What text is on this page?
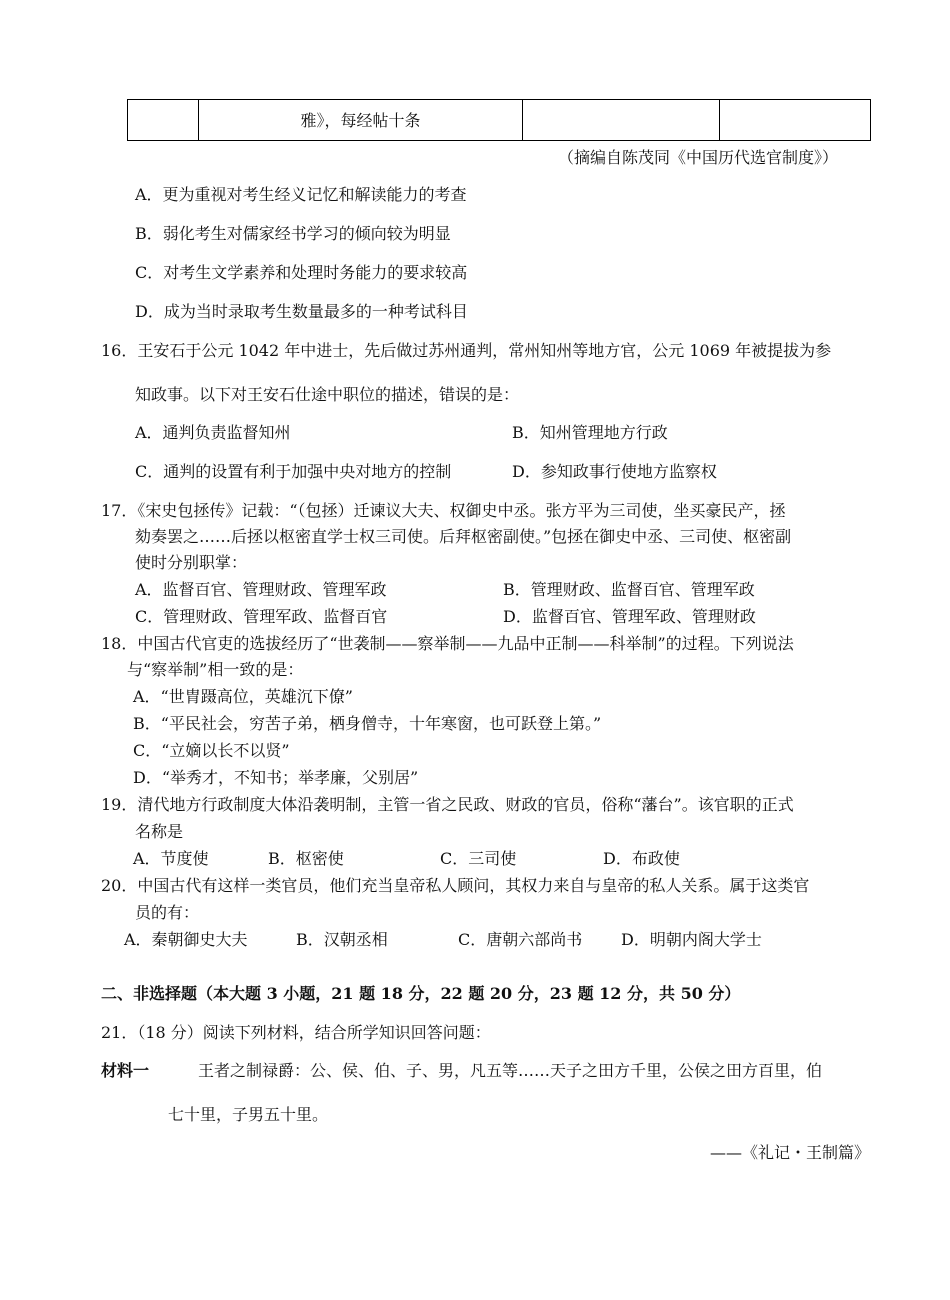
	雅》，每经帖十条		
（摘编自陈茂同《中国历代选官制度》）
A．更为重视对考生经义记忆和解读能力的考查
B．弱化考生对儒家经书学习的倾向较为明显
C．对考生文学素养和处理时务能力的要求较高
D．成为当时录取考生数量最多的一种考试科目
16．王安石于公元 1042 年中进士，先后做过苏州通判，常州知州等地方官，公元 1069 年被提拔为参
知政事。以下对王安石仕途中职位的描述，错误的是：
A．通判负责监督知州	B．知州管理地方行政
C．通判的设置有利于加强中央对地方的控制	D．参知政事行使地方监察权
17．《宋史包拯传》记载：“（包拯）迁谏议大夫、权御史中丞。张方平为三司使，坐买豪民产，拯
劾奏罢之……后拯以枢密直学士权三司使。后拜枢密副使。”包拯在御史中丞、三司使、枢密副
使时分别职掌：
A．监督百官、管理财政、管理军政	B．管理财政、监督百官、管理军政
C．管理财政、管理军政、监督百官	D．监督百官、管理军政、管理财政
18．中国古代官吏的选拔经历了“世袭制——察举制——九品中正制——科举制”的过程。下列说法
与“察举制”相一致的是：
A．“世胄蹑高位，英雄沉下僚”
B．“平民社会，穷苦子弟，栖身僧寺，十年寒窗，也可跃登上第。”
C．“立嫡以长不以贤”
D．“举秀才，不知书；举孝廉，父别居”
19．清代地方行政制度大体沿袭明制，主管一省之民政、财政的官员，俗称“藩台”。该官职的正式
名称是
A．节度使	B．枢密使	C．三司使	D．布政使
20．中国古代有这样一类官员，他们充当皇帝私人顾问，其权力来自与皇帝的私人关系。属于这类官
员的有：
A．秦朝御史大夫	B．汉朝丞相	C．唐朝六部尚书 D．明朝内阁大学士
二、非选择题（本大题 3 小题，21 题 18 分，22 题 20 分，23 题 12 分，共 50 分）
21．（18 分）阅读下列材料，结合所学知识回答问题：
材料一	王者之制禄爵：公、侯、伯、子、男，凡五等……天子之田方千里，公侯之田方百里，伯
七十里，子男五十里。
——《礼记・王制篇》
